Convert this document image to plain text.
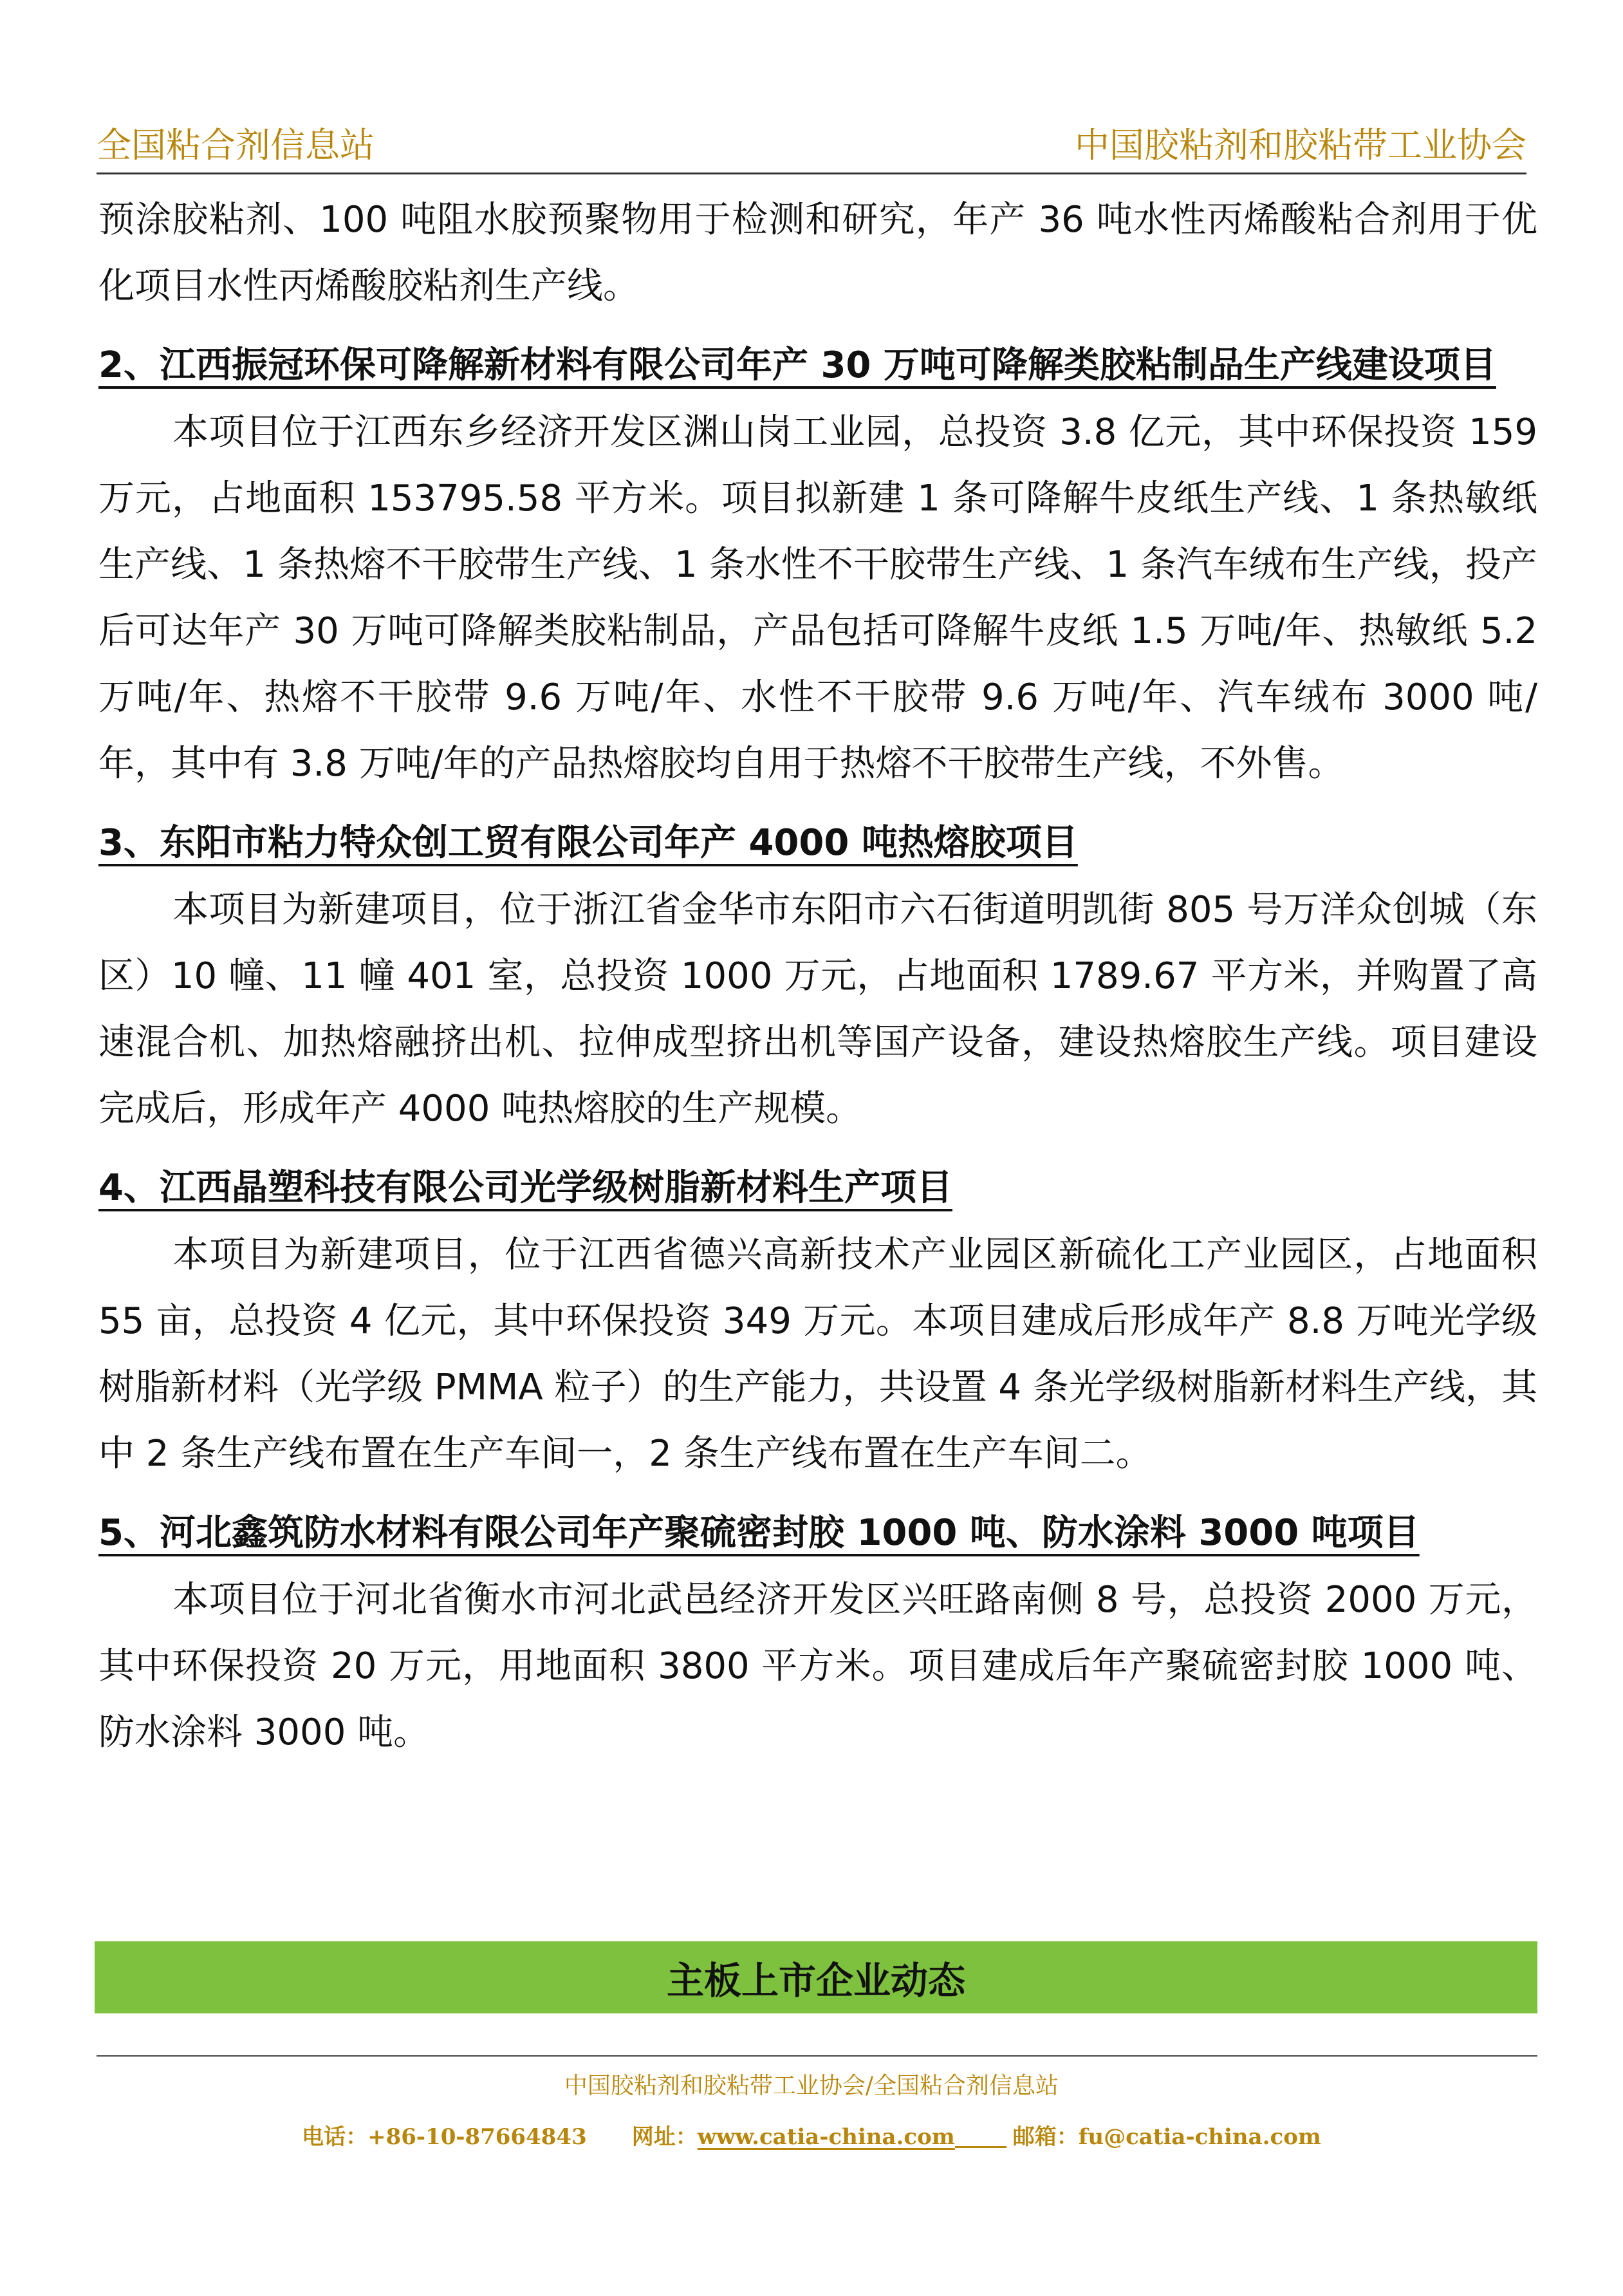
全国粘合剂信息站	中国胶粘剂和胶粘带工业协会

预涂胶粘剂、100 吨阻水胶预聚物用于检测和研究，年产 36 吨水性丙烯酸粘合剂用于优化项目水性丙烯酸胶粘剂生产线。

2、江西振冠环保可降解新材料有限公司年产 30 万吨可降解类胶粘制品生产线建设项目

本项目位于江西东乡经济开发区渊山岗工业园，总投资 3.8 亿元，其中环保投资 159 万元，占地面积 153795.58 平方米。项目拟新建 1 条可降解牛皮纸生产线、1 条热敏纸生产线、1 条热熔不干胶带生产线、1 条水性不干胶带生产线、1 条汽车绒布生产线，投产后可达年产 30 万吨可降解类胶粘制品，产品包括可降解牛皮纸 1.5 万吨/年、热敏纸 5.2 万吨/年、热熔不干胶带 9.6 万吨/年、水性不干胶带 9.6 万吨/年、汽车绒布 3000 吨/年，其中有 3.8 万吨/年的产品热熔胶均自用于热熔不干胶带生产线，不外售。

3、东阳市粘力特众创工贸有限公司年产 4000 吨热熔胶项目

本项目为新建项目，位于浙江省金华市东阳市六石街道明凯街 805 号万洋众创城（东区）10 幢、11 幢 401 室，总投资 1000 万元，占地面积 1789.67 平方米，并购置了高速混合机、加热熔融挤出机、拉伸成型挤出机等国产设备，建设热熔胶生产线。项目建设完成后，形成年产 4000 吨热熔胶的生产规模。

4、江西晶塑科技有限公司光学级树脂新材料生产项目

本项目为新建项目，位于江西省德兴高新技术产业园区新硫化工产业园区，占地面积 55 亩，总投资 4 亿元，其中环保投资 349 万元。本项目建成后形成年产 8.8 万吨光学级树脂新材料（光学级 PMMA 粒子）的生产能力，共设置 4 条光学级树脂新材料生产线，其中 2 条生产线布置在生产车间一，2 条生产线布置在生产车间二。

5、河北鑫筑防水材料有限公司年产聚硫密封胶 1000 吨、防水涂料 3000 吨项目

本项目位于河北省衡水市河北武邑经济开发区兴旺路南侧 8 号，总投资 2000 万元，其中环保投资 20 万元，用地面积 3800 平方米。项目建成后年产聚硫密封胶 1000 吨、防水涂料 3000 吨。

主板上市企业动态
中国胶粘剂和胶粘带工业协会/全国粘合剂信息站
电话：+86-10-87664843 网址：www.catia-china.com	邮箱：fu@catia-china.com
